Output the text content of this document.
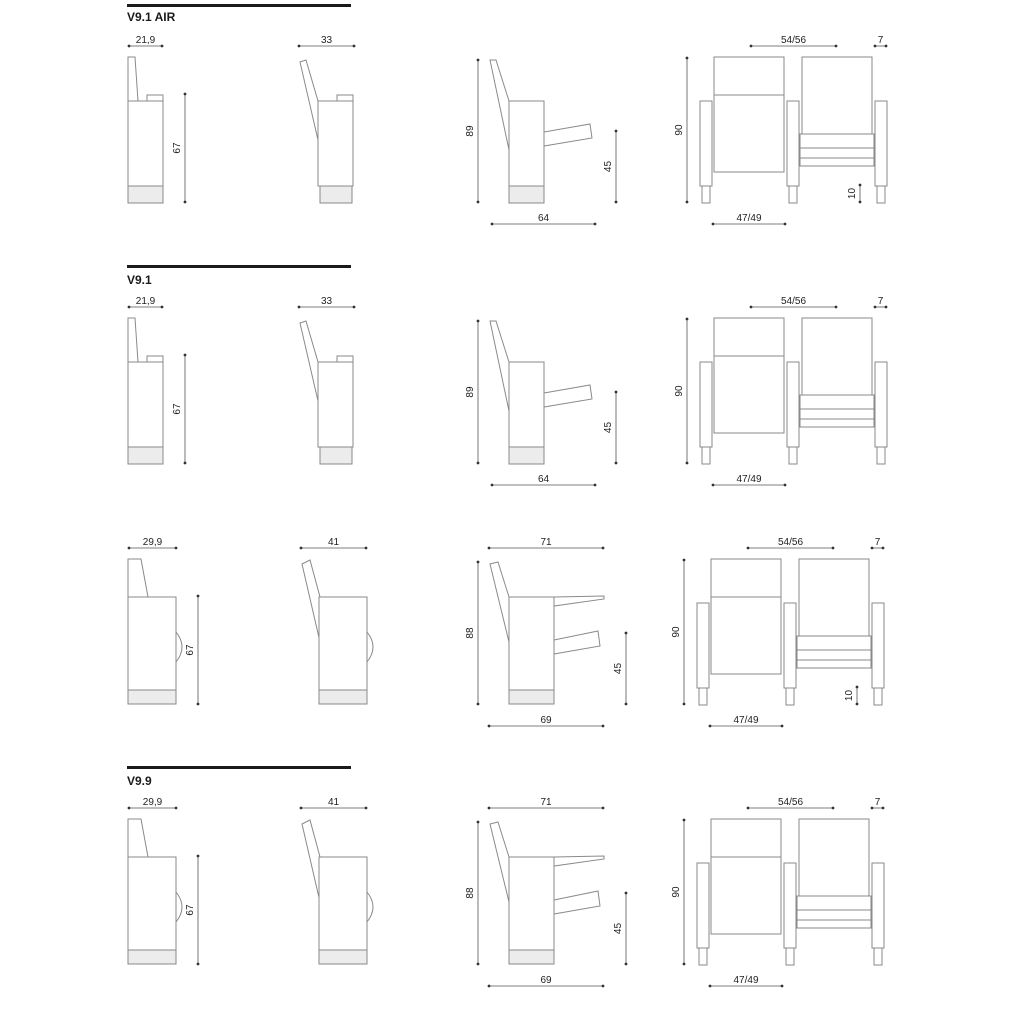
V9.1 AIR
V9.1
V9.9
21,9
67
33
89
45
64
54/56	7
90
47/49
10
21,9
67
33
89
45
64
54/56	7
90
47/49
29,9
67
41	71
88
45
69
54/56	7
90
47/49
10
29,9
67
41	71
88
45
69
54/56	7
90
47/49
